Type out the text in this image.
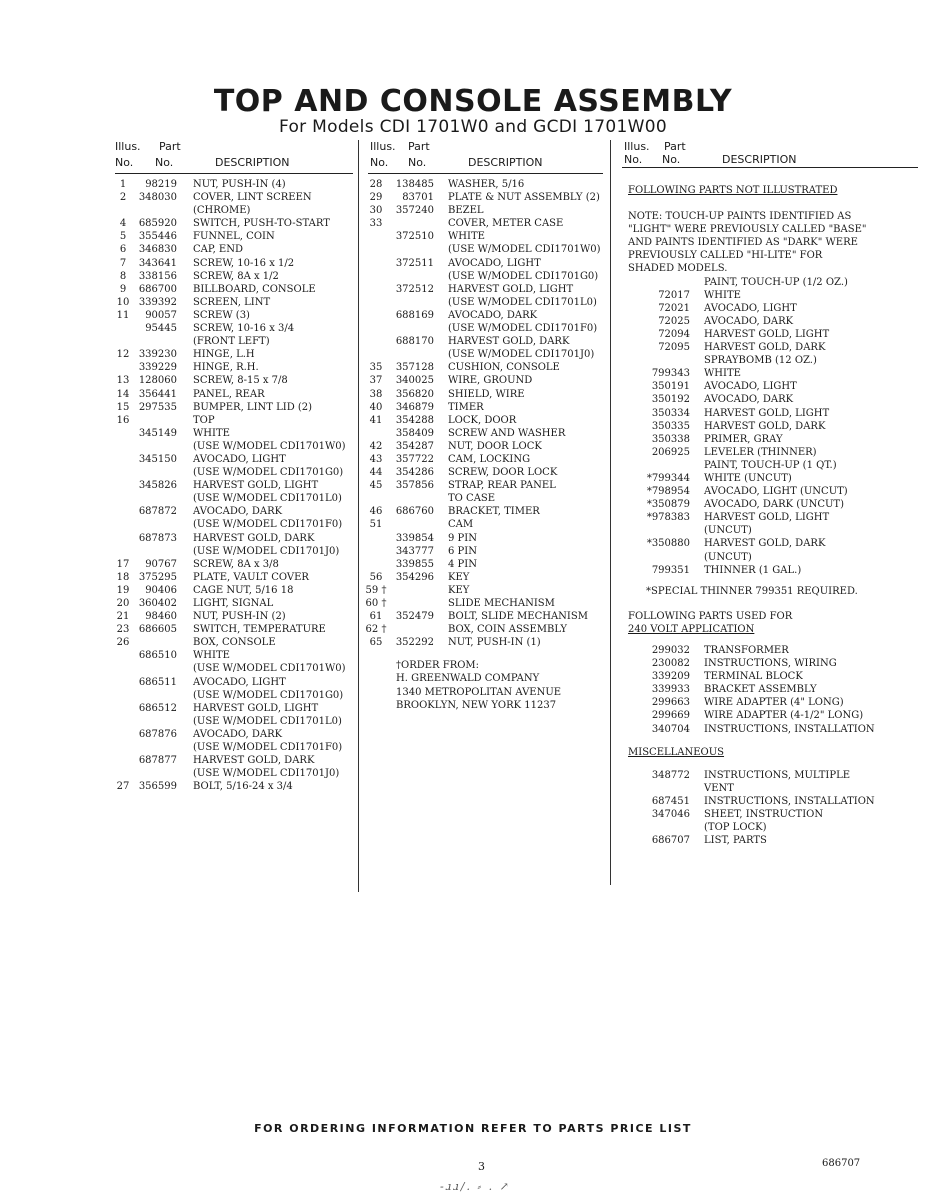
TOP AND CONSOLE ASSEMBLY
For Models CDI 1701W0 and GCDI 1701W00
Illus. Part
No. No.	DESCRIPTION
1	98219 NUT, PUSH-IN (4)
2	348030 COVER, LINT SCREEN
(CHROME)
4	685920 SWITCH, PUSH-TO-START
5	355446 FUNNEL, COIN
6	346830 CAP, END
7	343641 SCREW, 10-16 x 1/2
8	338156 SCREW, 8A x 1/2
9	686700 BILLBOARD, CONSOLE
10 339392 SCREEN, LINT
11	90057 SCREW (3)
95445 SCREW, 10-16 x 3/4
(FRONT LEFT)
12 339230 HINGE, L.H
339229 HINGE, R.H.
13 128060 SCREW, 8-15 x 7/8
14 356441 PANEL, REAR
15 297535 BUMPER, LINT LID (2)
16	TOP
345149 WHITE
(USE W/MODEL CDI1701W0)
345150 AVOCADO, LIGHT
(USE W/MODEL CDI1701G0)
345826 HARVEST GOLD, LIGHT
(USE W/MODEL CDI1701L0)
687872 AVOCADO, DARK
(USE W/MODEL CDI1701F0)
687873 HARVEST GOLD, DARK
(USE W/MODEL CDI1701J0)
17	90767 SCREW, 8A x 3/8
18 375295 PLATE, VAULT COVER
19	90406 CAGE NUT, 5/16 18
20 360402 LIGHT, SIGNAL
21	98460 NUT, PUSH-IN (2)
23 686605 SWITCH, TEMPERATURE
26	BOX, CONSOLE
686510 WHITE
(USE W/MODEL CDI1701W0)
686511 AVOCADO, LIGHT
(USE W/MODEL CDI1701G0)
686512 HARVEST GOLD, LIGHT
(USE W/MODEL CDI1701L0)
687876 AVOCADO, DARK
(USE W/MODEL CDI1701F0)
687877 HARVEST GOLD, DARK
(USE W/MODEL CDI1701J0)
27 356599 BOLT, 5/16-24 x 3/4
Illus. Part
No. No.	DESCRIPTION
28	138485 WASHER, 5/16
29	83701 PLATE & NUT ASSEMBLY (2)
30	357240 BEZEL
33	COVER, METER CASE
372510 WHITE
(USE W/MODEL CDI1701W0)
372511 AVOCADO, LIGHT
(USE W/MODEL CDI1701G0)
372512 HARVEST GOLD, LIGHT
(USE W/MODEL CDI1701L0)
688169 AVOCADO, DARK
(USE W/MODEL CDI1701F0)
688170 HARVEST GOLD, DARK
(USE W/MODEL CDI1701J0)
35	357128 CUSHION, CONSOLE
37	340025 WIRE, GROUND
38	356820 SHIELD, WIRE
40	346879 TIMER
41	354288 LOCK, DOOR
358409 SCREW AND WASHER
42	354287 NUT, DOOR LOCK
43	357722 CAM, LOCKING
44	354286 SCREW, DOOR LOCK
45	357856 STRAP, REAR PANEL
TO CASE
46	686760 BRACKET, TIMER
51	CAM
339854 9 PIN
343777 6 PIN
339855 4 PIN
56	354296 KEY
59 †	KEY
60 †	SLIDE MECHANISM
61	352479 BOLT, SLIDE MECHANISM
62 †	BOX, COIN ASSEMBLY
65	352292 NUT, PUSH-IN (1)
†ORDER FROM:
H. GREENWALD COMPANY
1340 METROPOLITAN AVENUE
BROOKLYN, NEW YORK 11237
Illus. Part
No. No.	DESCRIPTION
FOLLOWING PARTS NOT ILLUSTRATED
NOTE: TOUCH-UP PAINTS IDENTIFIED AS
"LIGHT" WERE PREVIOUSLY CALLED "BASE"
AND PAINTS IDENTIFIED AS "DARK" WERE
PREVIOUSLY CALLED "HI-LITE" FOR
SHADED MODELS.
PAINT, TOUCH-UP (1/2 OZ.)
72017 WHITE
72021 AVOCADO, LIGHT
72025 AVOCADO, DARK
72094 HARVEST GOLD, LIGHT
72095 HARVEST GOLD, DARK
SPRAYBOMB (12 OZ.)
799343 WHITE
350191 AVOCADO, LIGHT
350192 AVOCADO, DARK
350334 HARVEST GOLD, LIGHT
350335 HARVEST GOLD, DARK
350338 PRIMER, GRAY
206925 LEVELER (THINNER)
PAINT, TOUCH-UP (1 QT.)
*799344 WHITE (UNCUT)
*798954 AVOCADO, LIGHT (UNCUT)
*350879 AVOCADO, DARK (UNCUT)
*978383 HARVEST GOLD, LIGHT
(UNCUT)
*350880 HARVEST GOLD, DARK
(UNCUT)
799351 THINNER (1 GAL.)
*SPECIAL THINNER 799351 REQUIRED.
FOLLOWING PARTS USED FOR
240 VOLT APPLICATION
299032 TRANSFORMER
230082 INSTRUCTIONS, WIRING
339209 TERMINAL BLOCK
339933 BRACKET ASSEMBLY
299663 WIRE ADAPTER (4" LONG)
299669 WIRE ADAPTER (4-1/2" LONG)
340704 INSTRUCTIONS, INSTALLATION
MISCELLANEOUS
348772 INSTRUCTIONS, MULTIPLE
VENT
687451 INSTRUCTIONS, INSTALLATION
347046 SHEET, INSTRUCTION
(TOP LOCK)
686707 LIST, PARTS
FOR ORDERING INFORMATION REFER TO PARTS PRICE LIST
3	686707
-ɹɹ/. ⸗ . ↗
